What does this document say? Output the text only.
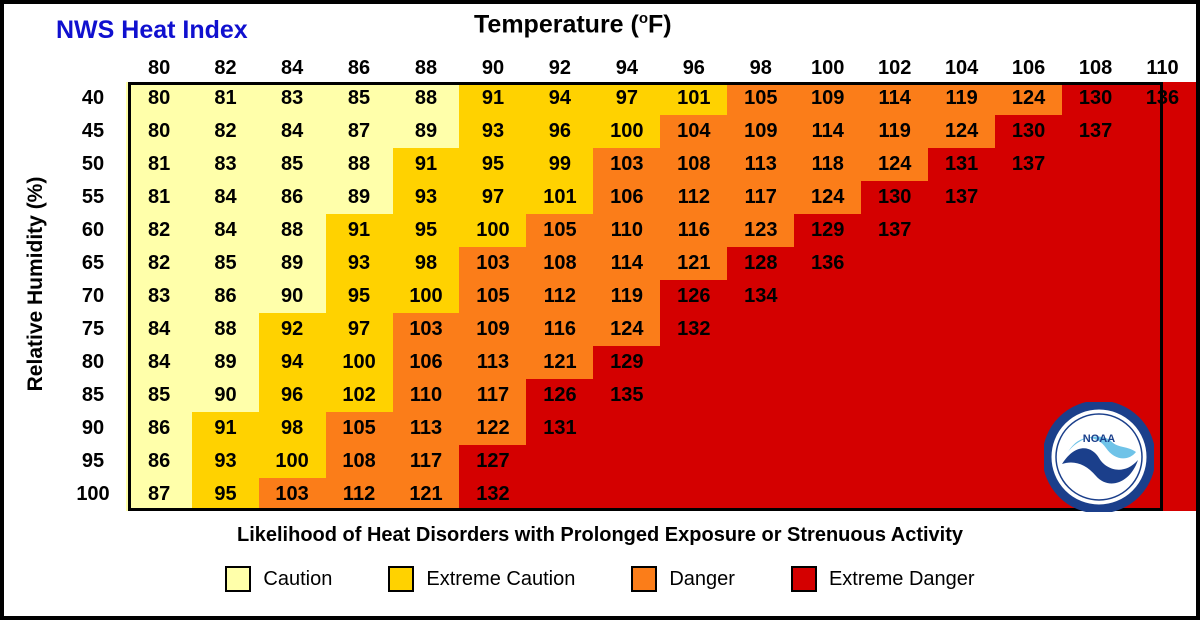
NWS Heat Index	Temperature ($^o$F)
Relative Humidity (%)
	80	82	84	86	88	90	92	94	96	98	100	102	104	106	108	110
40	80	81	83	85	88	91	94	97	101	105	109	114	119	124	130	136
45	80	82	84	87	89	93	96	100	104	109	114	119	124	130	137	
50	81	83	85	88	91	95	99	103	108	113	118	124	131	137		
55	81	84	86	89	93	97	101	106	112	117	124	130	137			
60	82	84	88	91	95	100	105	110	116	123	129	137				
65	82	85	89	93	98	103	108	114	121	128	136					
70	83	86	90	95	100	105	112	119	126	134						
75	84	88	92	97	103	109	116	124	132							
80	84	89	94	100	106	113	121	129								
85	85	90	96	102	110	117	126	135								
90	86	91	98	105	113	122	131									
95	86	93	100	108	117	127										
100	87	95	103	112	121	132										
NOAA
Likelihood of Heat Disorders with Prolonged Exposure or Strenuous Activity
Caution	Extreme Caution	Danger	Extreme Danger
